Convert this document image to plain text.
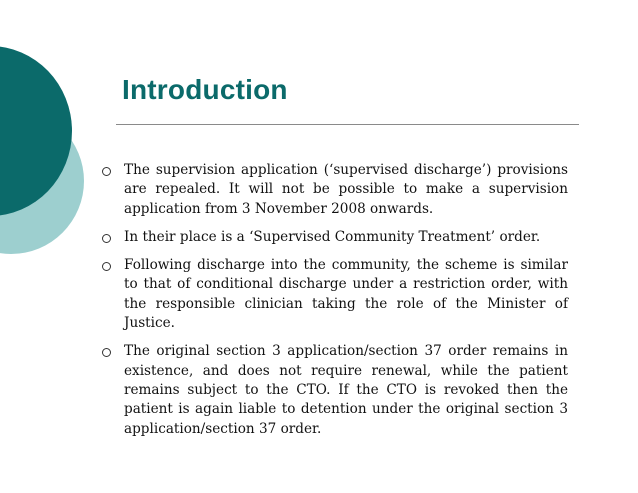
Introduction
The supervision application (‘supervised discharge’) provisions are repealed. It will not be possible to make a supervision application from 3 November 2008 onwards.
In their place is a ‘Supervised Community Treatment’ order.
Following discharge into the community, the scheme is similar to that of conditional discharge under a restriction order, with the responsible clinician taking the role of the Minister of Justice.
The original section 3 application/section 37 order remains in existence, and does not require renewal, while the patient remains subject to the CTO. If the CTO is revoked then the patient is again liable to detention under the original section 3 application/section 37 order.
